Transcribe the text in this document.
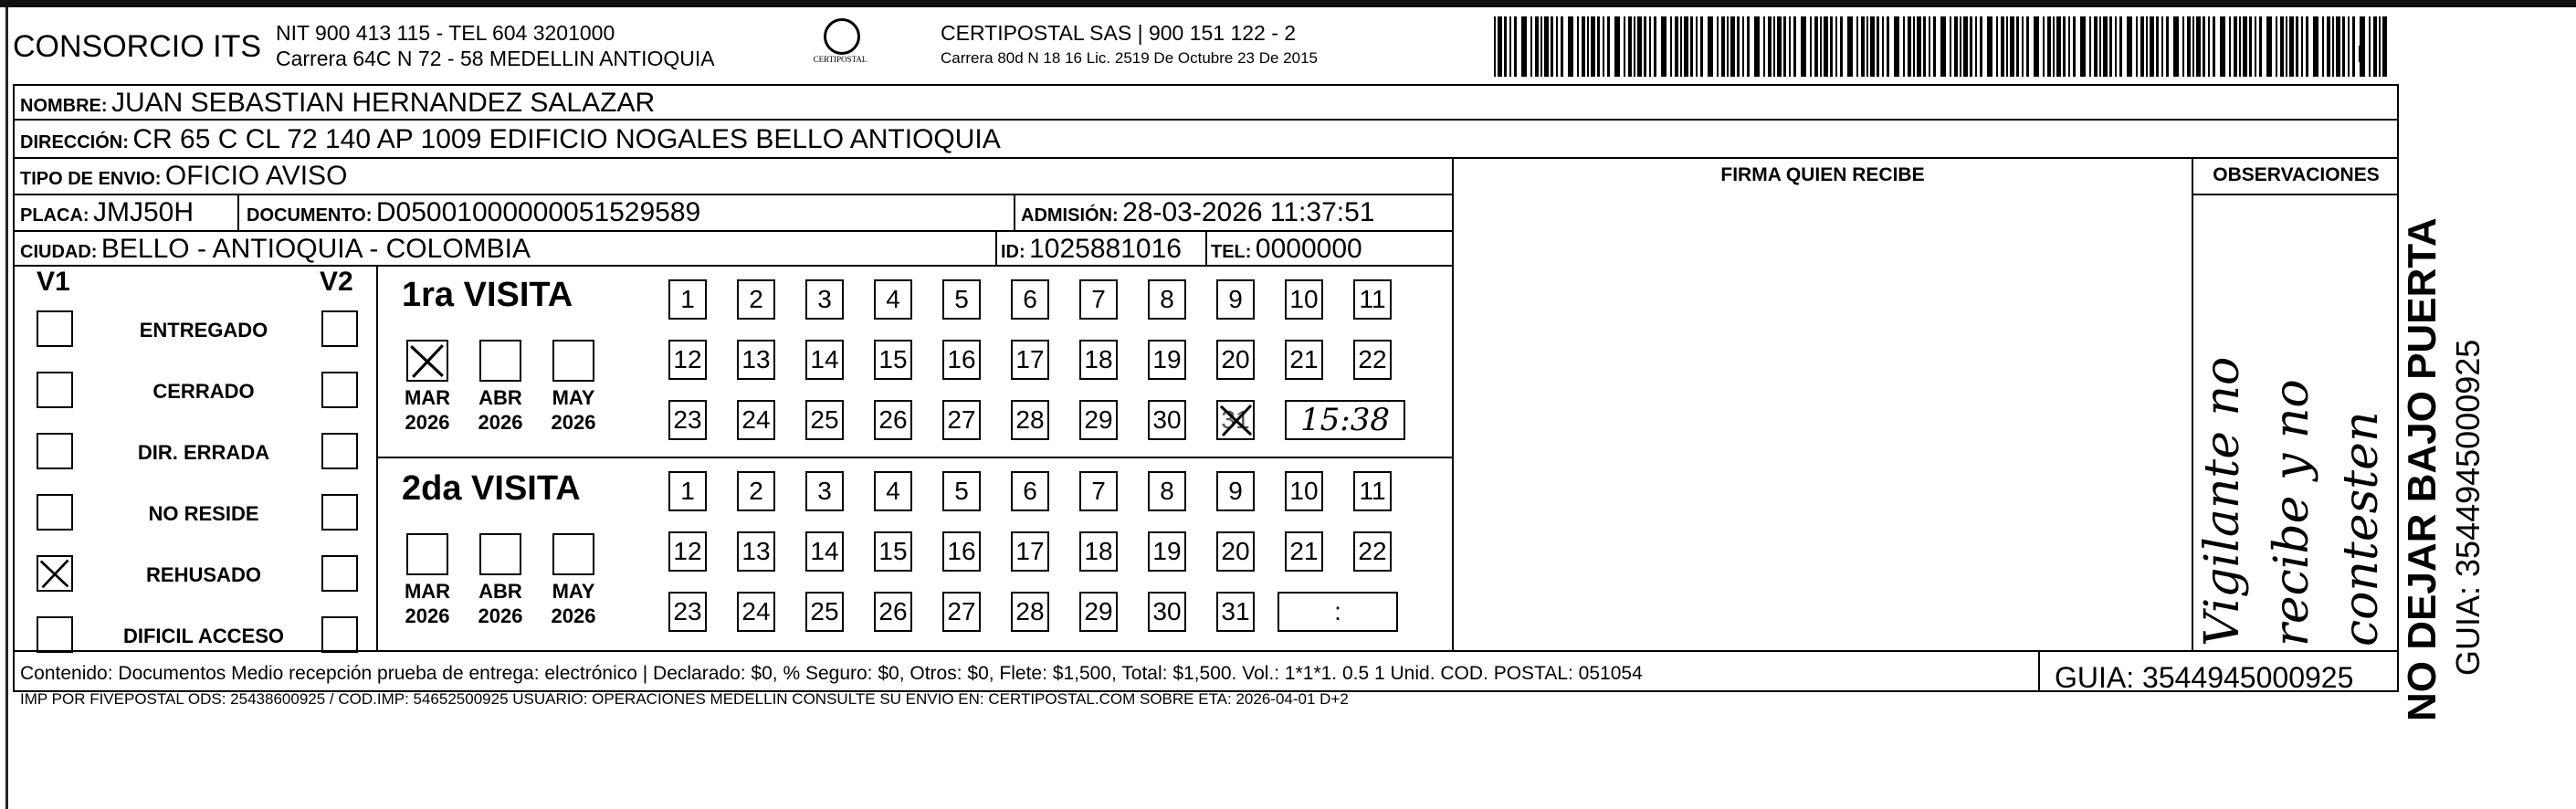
CONSORCIO ITS NIT 900 413 115 - TEL 604 3201000
Carrera 64C N 72 - 58 MEDELLIN ANTIOQUIA	CERTIPOSTAL
CERTIPOSTAL SAS | 900 151 122 - 2
Carrera 80d N 18 16 Lic. 2519 De Octubre 23 De 2015
NOMBRE: JUAN SEBASTIAN HERNANDEZ SALAZAR
DIRECCIÓN: CR 65 C CL 72 140 AP 1009 EDIFICIO NOGALES BELLO ANTIOQUIA
TIPO DE ENVIO: OFICIO AVISO	FIRMA QUIEN RECIBE	OBSERVACIONES
PLACA: JMJ50H	DOCUMENTO: D05001000000051529589	ADMISIÓN: 28-03-2026 11:37:51
CIUDAD: BELLO - ANTIOQUIA - COLOMBIA	ID: 1025881016 TEL: 0000000
V1	V2
ENTREGADO
CERRADO
DIR. ERRADA
NO RESIDE
REHUSADO
DIFICIL ACCESO
1ra VISITA
MAR
2026
ABR
2026
MAY
2026
1	2	3	4	5	6	7	8	9	10 11
12 13 14 15 16 17 18 19 20 21 22
23 24 25 26 27 28 29 30 31	15:38
2da VISITA
MAR
2026
ABR
2026
MAY
2026
1	2	3	4	5	6	7	8	9	10 11
12 13 14 15 16 17 18 19 20 21 22
23 24 25 26 27 28 29 30 31	:
Contenido: Documentos Medio recepción prueba de entrega: electrónico | Declarado: $0, % Seguro: $0, Otros: $0, Flete: $1,500, Total: $1,500. Vol.: 1*1*1. 0.5 1 Unid. COD. POSTAL: 051054
IMP POR FIVEPOSTAL ODS: 25438600925 / COD.IMP: 54652500925 USUARIO: OPERACIONES MEDELLIN CONSULTE SU ENVIO EN: CERTIPOSTAL.COM SOBRE ETA: 2026-04-01 D+2
GUIA: 3544945000925 NO DEJAR BAJO PUERTA GUIA: 3544945000925
Vigilante no recibe y no contesten
